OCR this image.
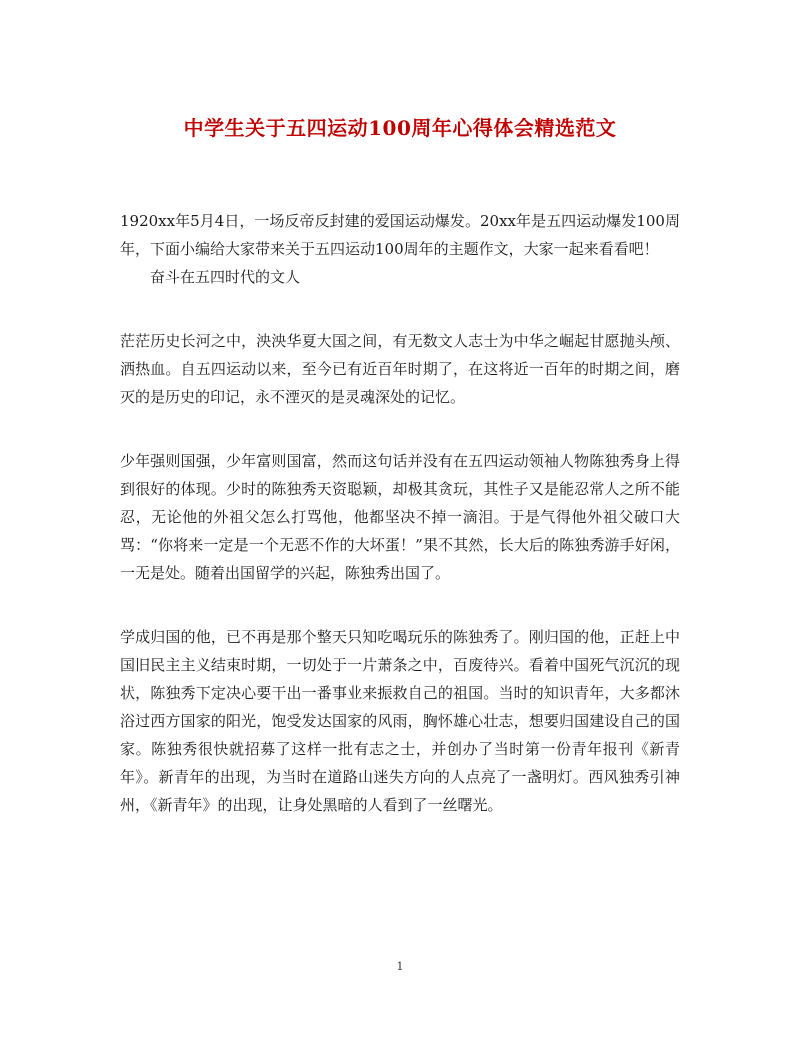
中学生关于五四运动100周年心得体会精选范文

1920xx年5月4日，一场反帝反封建的爱国运动爆发。20xx年是五四运动爆发100周年，下面小编给大家带来关于五四运动100周年的主题作文，大家一起来看看吧！

奋斗在五四时代的文人

茫茫历史长河之中，泱泱华夏大国之间，有无数文人志士为中华之崛起甘愿抛头颅、洒热血。自五四运动以来，至今已有近百年时期了，在这将近一百年的时期之间，磨灭的是历史的印记，永不湮灭的是灵魂深处的记忆。

少年强则国强，少年富则国富，然而这句话并没有在五四运动领袖人物陈独秀身上得到很好的体现。少时的陈独秀天资聪颖，却极其贪玩，其性子又是能忍常人之所不能忍，无论他的外祖父怎么打骂他，他都坚决不掉一滴泪。于是气得他外祖父破口大骂：“你将来一定是一个无恶不作的大坏蛋！”果不其然，长大后的陈独秀游手好闲，一无是处。随着出国留学的兴起，陈独秀出国了。

学成归国的他，已不再是那个整天只知吃喝玩乐的陈独秀了。刚归国的他，正赶上中国旧民主主义结束时期，一切处于一片萧条之中，百废待兴。看着中国死气沉沉的现状，陈独秀下定决心要干出一番事业来振救自己的祖国。当时的知识青年，大多都沐浴过西方国家的阳光，饱受发达国家的风雨，胸怀雄心壮志，想要归国建设自己的国家。陈独秀很快就招募了这样一批有志之士，并创办了当时第一份青年报刊《新青年》。新青年的出现，为当时在道路山迷失方向的人点亮了一盏明灯。西风独秀引神州，《新青年》的出现，让身处黑暗的人看到了一丝曙光。

1
